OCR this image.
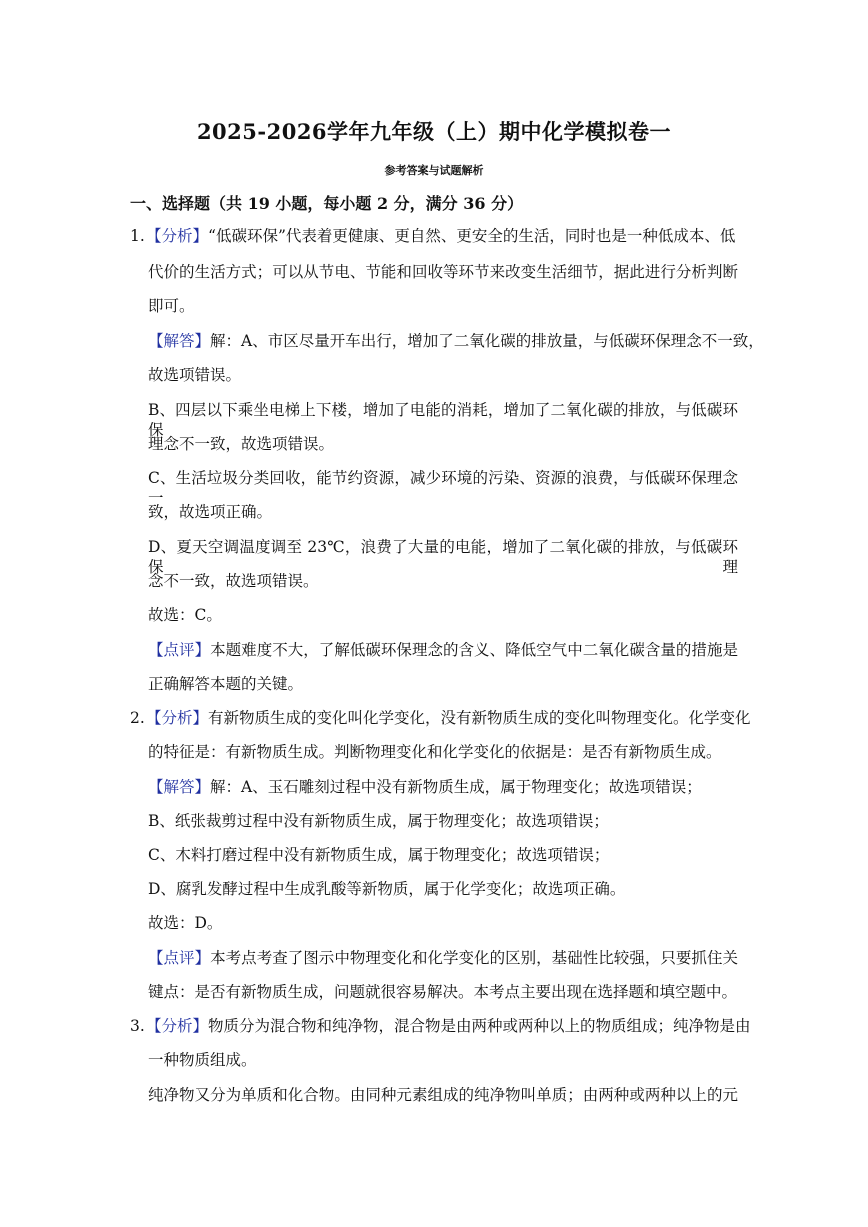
2025-2026学年九年级（上）期中化学模拟卷一
参考答案与试题解析
一、选择题（共 19 小题，每小题 2 分，满分 36 分）
1.【分析】“低碳环保”代表着更健康、更自然、更安全的生活，同时也是一种低成本、低
代价的生活方式；可以从节电、节能和回收等环节来改变生活细节，据此进行分析判断
即可。
【解答】解：A、市区尽量开车出行，增加了二氧化碳的排放量，与低碳环保理念不一致，
故选项错误。
B、四层以下乘坐电梯上下楼，增加了电能的消耗，增加了二氧化碳的排放，与低碳环保
理念不一致，故选项错误。
C、生活垃圾分类回收，能节约资源，减少环境的污染、资源的浪费，与低碳环保理念一
致，故选项正确。
D、夏天空调温度调至 23℃，浪费了大量的电能，增加了二氧化碳的排放，与低碳环保理
念不一致，故选项错误。
故选：C。
【点评】本题难度不大，了解低碳环保理念的含义、降低空气中二氧化碳含量的措施是
正确解答本题的关键。
2.【分析】有新物质生成的变化叫化学变化，没有新物质生成的变化叫物理变化。化学变化
的特征是：有新物质生成。判断物理变化和化学变化的依据是：是否有新物质生成。
【解答】解：A、玉石雕刻过程中没有新物质生成，属于物理变化；故选项错误；
B、纸张裁剪过程中没有新物质生成，属于物理变化；故选项错误；
C、木料打磨过程中没有新物质生成，属于物理变化；故选项错误；
D、腐乳发酵过程中生成乳酸等新物质，属于化学变化；故选项正确。
故选：D。
【点评】本考点考查了图示中物理变化和化学变化的区别，基础性比较强，只要抓住关
键点：是否有新物质生成，问题就很容易解决。本考点主要出现在选择题和填空题中。
3.【分析】物质分为混合物和纯净物，混合物是由两种或两种以上的物质组成；纯净物是由
一种物质组成。
纯净物又分为单质和化合物。由同种元素组成的纯净物叫单质；由两种或两种以上的元
